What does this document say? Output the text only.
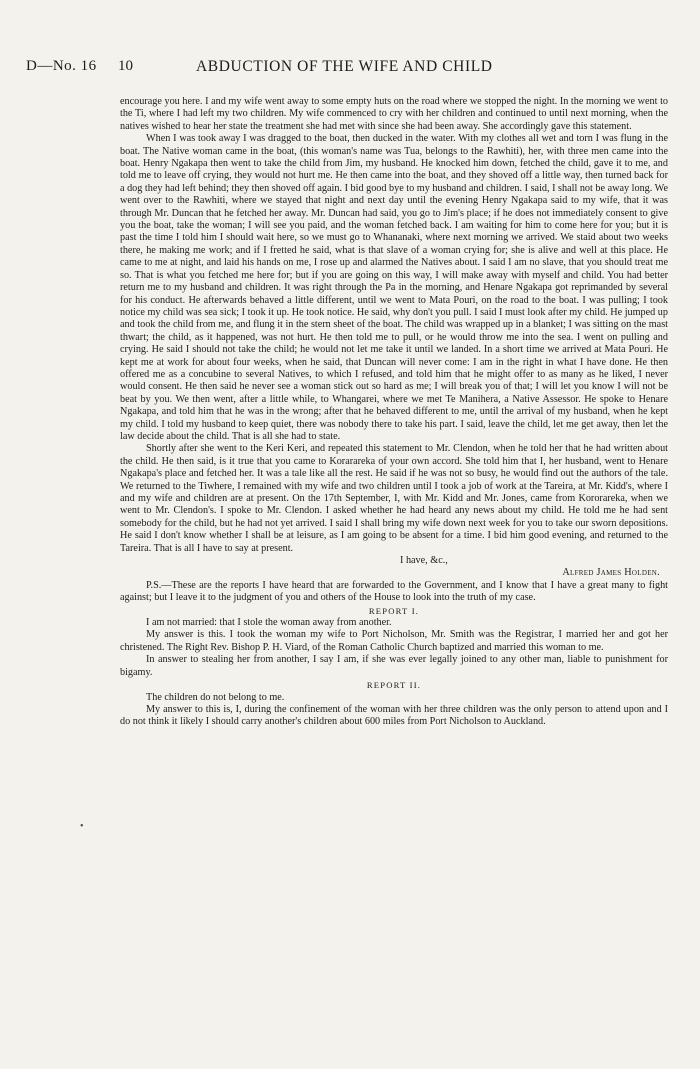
D—No. 16 10	ABDUCTION OF THE WIFE AND CHILD
•

encourage you here. I and my wife went away to some empty huts on the road where we stopped the night. In the morning we went to the Ti, where I had left my two children. My wife commenced to cry with her children and continued to until next morning, when the natives wished to hear her state the treatment she had met with since she had been away. She accordingly gave this statement.

When I was took away I was dragged to the boat, then ducked in the water. With my clothes all wet and torn I was flung in the boat. The Native woman came in the boat, (this woman's name was Tua, belongs to the Rawhiti), her, with three men came into the boat. Henry Ngakapa then went to take the child from Jim, my husband. He knocked him down, fetched the child, gave it to me, and told me to leave off crying, they would not hurt me. He then came into the boat, and they shoved off a little way, then turned back for a dog they had left behind; they then shoved off again. I bid good bye to my husband and children. I said, I shall not be away long. We went over to the Rawhiti, where we stayed that night and next day until the evening Henry Ngakapa said to my wife, that it was through Mr. Duncan that he fetched her away. Mr. Duncan had said, you go to Jim's place; if he does not immediately consent to give you the boat, take the woman; I will see you paid, and the woman fetched back. I am waiting for him to come here for you; but it is past the time I told him I should wait here, so we must go to Whananaki, where next morning we arrived. We staid about two weeks there, he making me work; and if I fretted he said, what is that slave of a woman crying for; she is alive and well at this place. He came to me at night, and laid his hands on me, I rose up and alarmed the Natives about. I said I am no slave, that you should treat me so. That is what you fetched me here for; but if you are going on this way, I will make away with myself and child. You had better return me to my husband and children. It was right through the Pa in the morning, and Henare Ngakapa got reprimanded by several for his conduct. He afterwards behaved a little different, until we went to Mata Pouri, on the road to the boat. I was pulling; I took notice my child was sea sick; I took it up. He took notice. He said, why don't you pull. I said I must look after my child. He jumped up and took the child from me, and flung it in the stern sheet of the boat. The child was wrapped up in a blanket; I was sitting on the mast thwart; the child, as it happened, was not hurt. He then told me to pull, or he would throw me into the sea. I went on pulling and crying. He said I should not take the child; he would not let me take it until we landed. In a short time we arrived at Mata Pouri. He kept me at work for about four weeks, when he said, that Duncan will never come: I am in the right in what I have done. He then offered me as a concubine to several Natives, to which I refused, and told him that he might offer to as many as he liked, I never would consent. He then said he never see a woman stick out so hard as me; I will break you of that; I will let you know I will not be beat by you. We then went, after a little while, to Whangarei, where we met Te Manihera, a Native Assessor. He spoke to Henare Ngakapa, and told him that he was in the wrong; after that he behaved different to me, until the arrival of my husband, when he kept my child. I told my husband to keep quiet, there was nobody there to take his part. I said, leave the child, let me get away, then let the law decide about the child. That is all she had to state.

Shortly after she went to the Keri Keri, and repeated this statement to Mr. Clendon, when he told her that he had written about the child. He then said, is it true that you came to Korarareka of your own accord. She told him that I, her husband, went to Henare Ngakapa's place and fetched her. It was a tale like all the rest. He said if he was not so busy, he would find out the authors of the tale. We returned to the Tiwhere, I remained with my wife and two children until I took a job of work at the Tareira, at Mr. Kidd's, where I and my wife and children are at present. On the 17th September, I, with Mr. Kidd and Mr. Jones, came from Kororareka, when we went to Mr. Clendon's. I spoke to Mr. Clendon. I asked whether he had heard any news about my child. He told me he had sent somebody for the child, but he had not yet arrived. I said I shall bring my wife down next week for you to take our sworn depositions. He said I don't know whether I shall be at leisure, as I am going to be absent for a time. I bid him good evening, and returned to the Tareira. That is all I have to say at present.

I have, &c.,

Alfred James Holden.

P.S.—These are the reports I have heard that are forwarded to the Government, and I know that I have a great many to fight against; but I leave it to the judgment of you and others of the House to look into the truth of my case.

REPORT I.

I am not married: that I stole the woman away from another.

My answer is this. I took the woman my wife to Port Nicholson, Mr. Smith was the Registrar, I married her and got her christened. The Right Rev. Bishop P. H. Viard, of the Roman Catholic Church baptized and married this woman to me.

In answer to stealing her from another, I say I am, if she was ever legally joined to any other man, liable to punishment for bigamy.

REPORT II.

The children do not belong to me.

My answer to this is, I, during the confinement of the woman with her three children was the only person to attend upon and I do not think it likely I should carry another's children about 600 miles from Port Nicholson to Auckland.
